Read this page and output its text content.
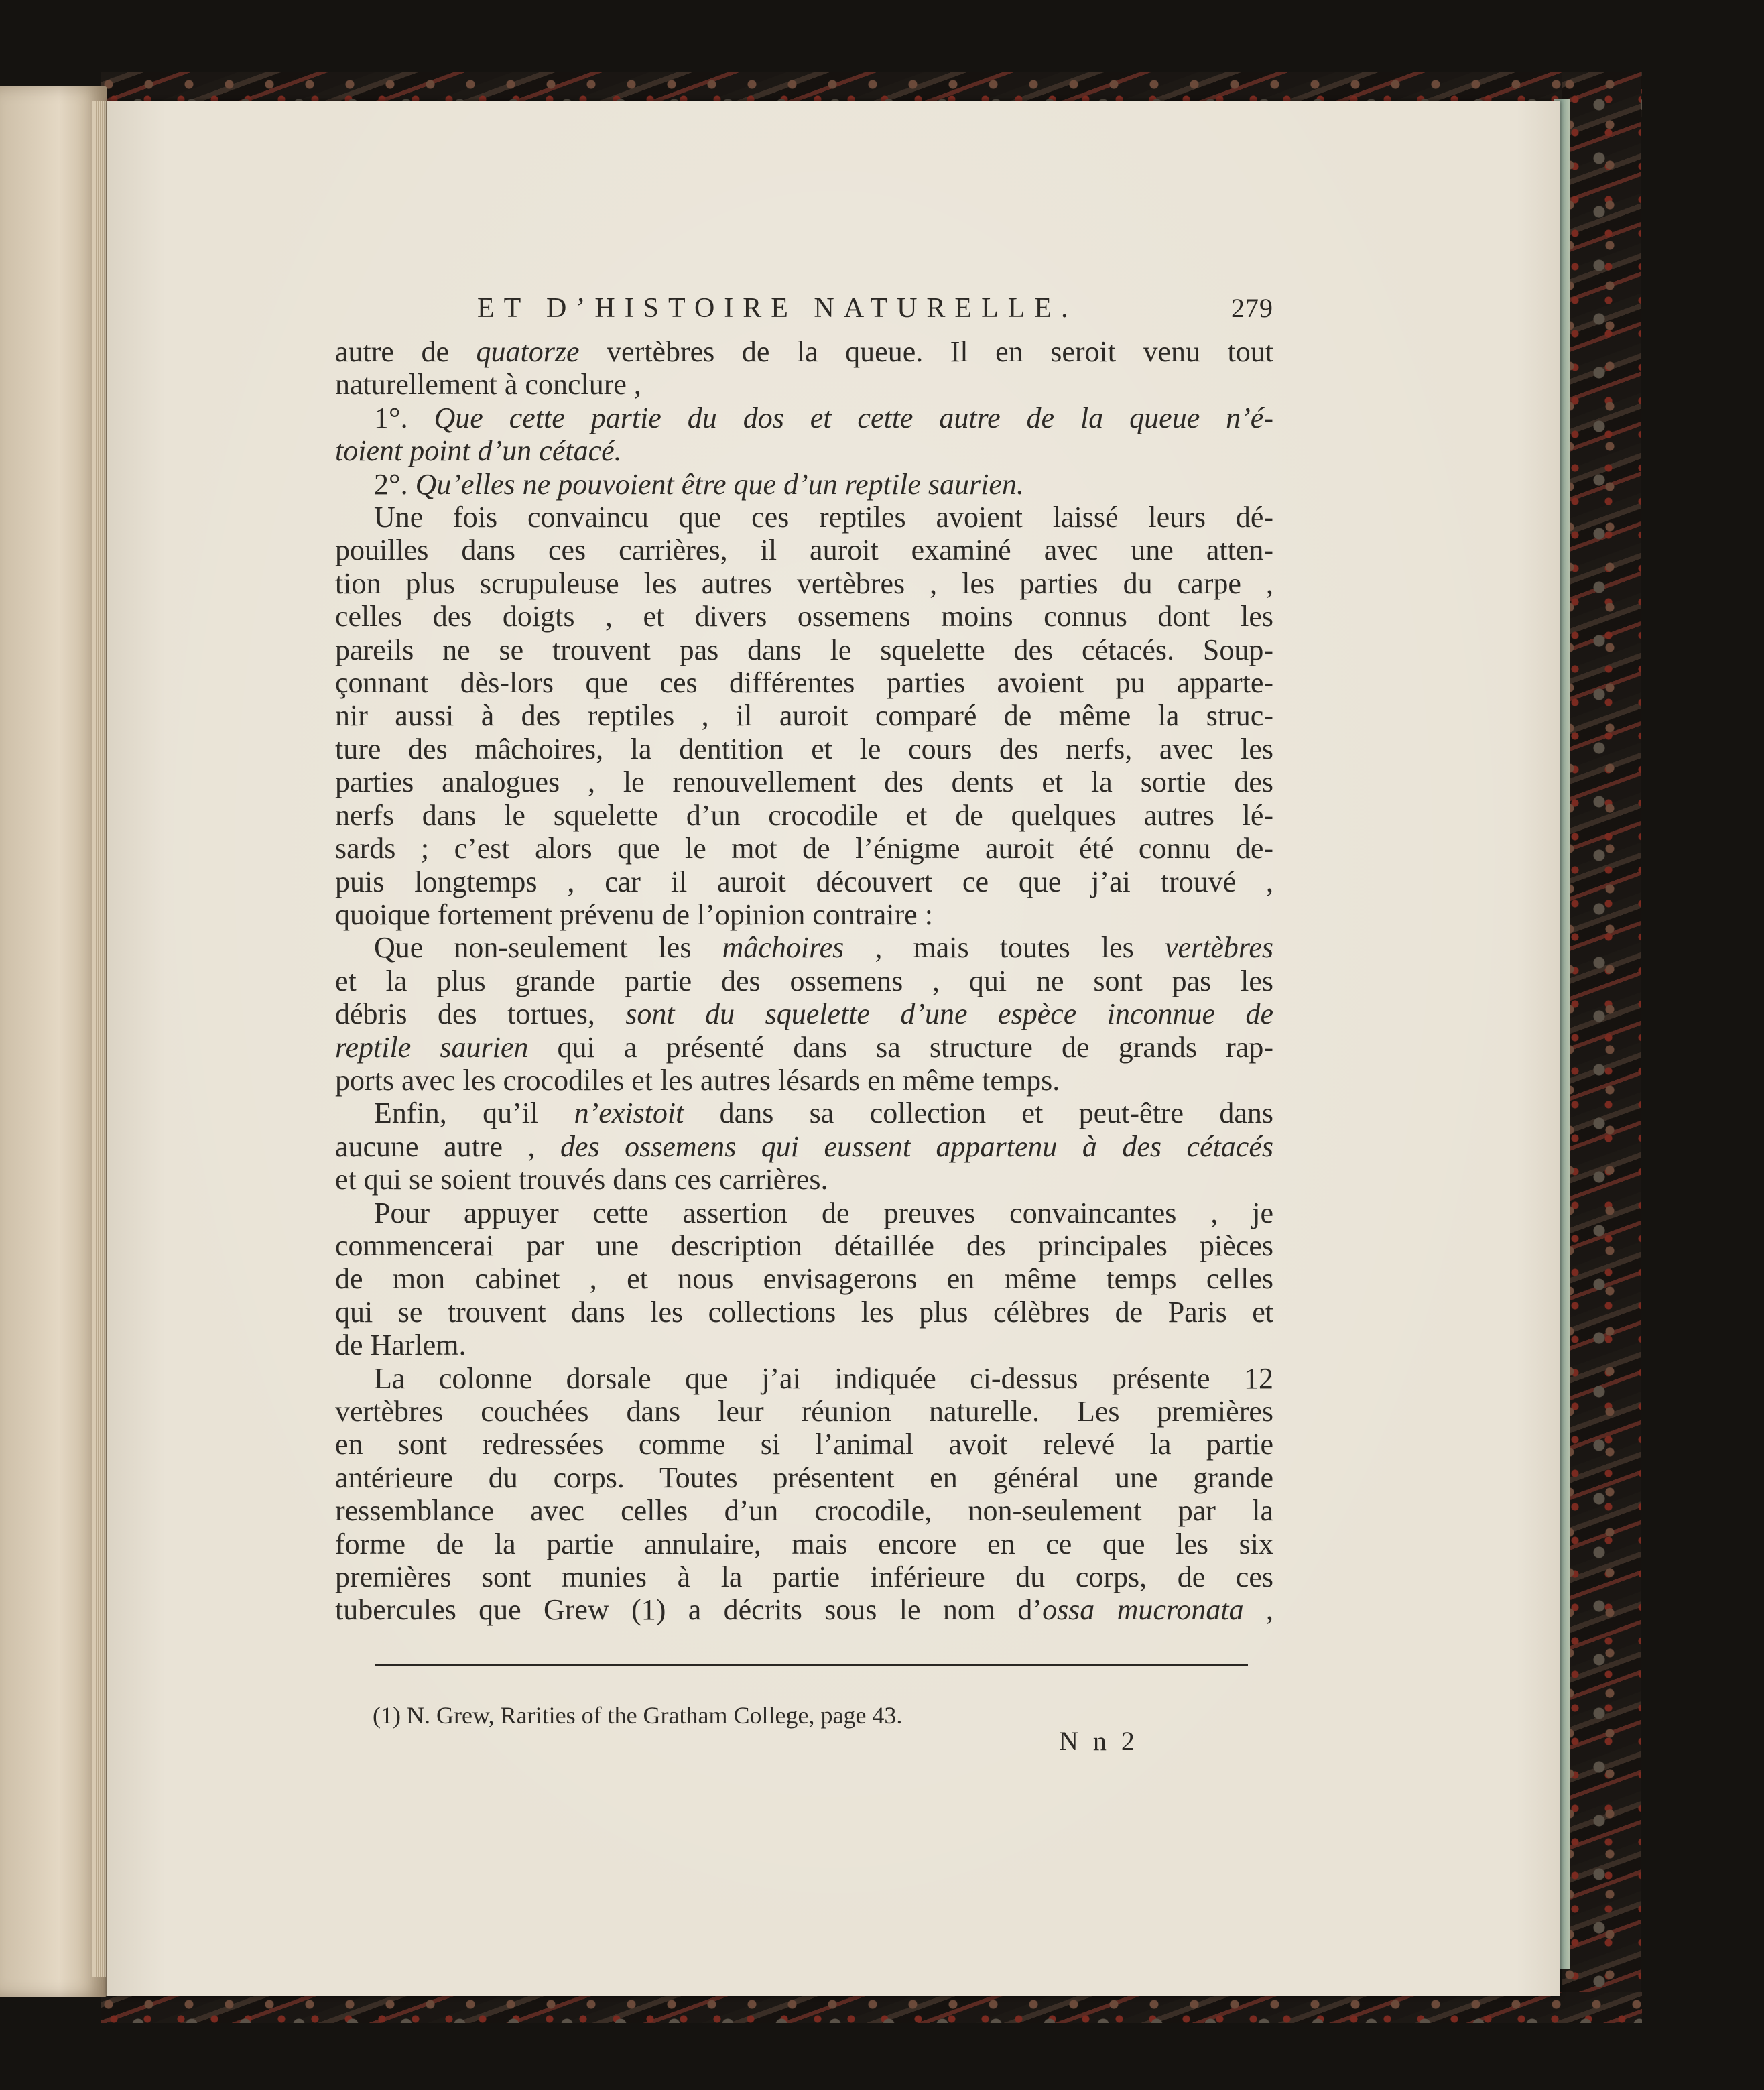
ET D’HISTOIRE NATURELLE.	279
autre de quatorze vertèbres de la queue. Il en seroit venu tout
naturellement à conclure ,
1°. Que cette partie du dos et cette autre de la queue n’é-
toient point d’un cétacé.
2°. Qu’elles ne pouvoient être que d’un reptile saurien.
Une fois convaincu que ces reptiles avoient laissé leurs dé-
pouilles dans ces carrières, il auroit examiné avec une atten-
tion plus scrupuleuse les autres vertèbres , les parties du carpe ,
celles des doigts , et divers ossemens moins connus dont les
pareils ne se trouvent pas dans le squelette des cétacés. Soup-
çonnant dès-lors que ces différentes parties avoient pu apparte-
nir aussi à des reptiles , il auroit comparé de même la struc-
ture des mâchoires, la dentition et le cours des nerfs, avec les
parties analogues , le renouvellement des dents et la sortie des
nerfs dans le squelette d’un crocodile et de quelques autres lé-
sards ; c’est alors que le mot de l’énigme auroit été connu de-
puis longtemps , car il auroit découvert ce que j’ai trouvé ,
quoique fortement prévenu de l’opinion contraire :
Que non-seulement les mâchoires , mais toutes les vertèbres
et la plus grande partie des ossemens , qui ne sont pas les
débris des tortues, sont du squelette d’une espèce inconnue de
reptile saurien qui a présenté dans sa structure de grands rap-
ports avec les crocodiles et les autres lésards en même temps.
Enfin, qu’il n’existoit dans sa collection et peut-être dans
aucune autre , des ossemens qui eussent appartenu à des cétacés
et qui se soient trouvés dans ces carrières.
Pour appuyer cette assertion de preuves convaincantes , je
commencerai par une description détaillée des principales pièces
de mon cabinet , et nous envisagerons en même temps celles
qui se trouvent dans les collections les plus célèbres de Paris et
de Harlem.
La colonne dorsale que j’ai indiquée ci-dessus présente 12
vertèbres couchées dans leur réunion naturelle. Les premières
en sont redressées comme si l’animal avoit relevé la partie
antérieure du corps. Toutes présentent en général une grande
ressemblance avec celles d’un crocodile, non-seulement par la
forme de la partie annulaire, mais encore en ce que les six
premières sont munies à la partie inférieure du corps, de ces
tubercules que Grew (1) a décrits sous le nom d’ossa mucronata ,
(1) N. Grew, Rarities of the Gratham College, page 43.
N n 2
